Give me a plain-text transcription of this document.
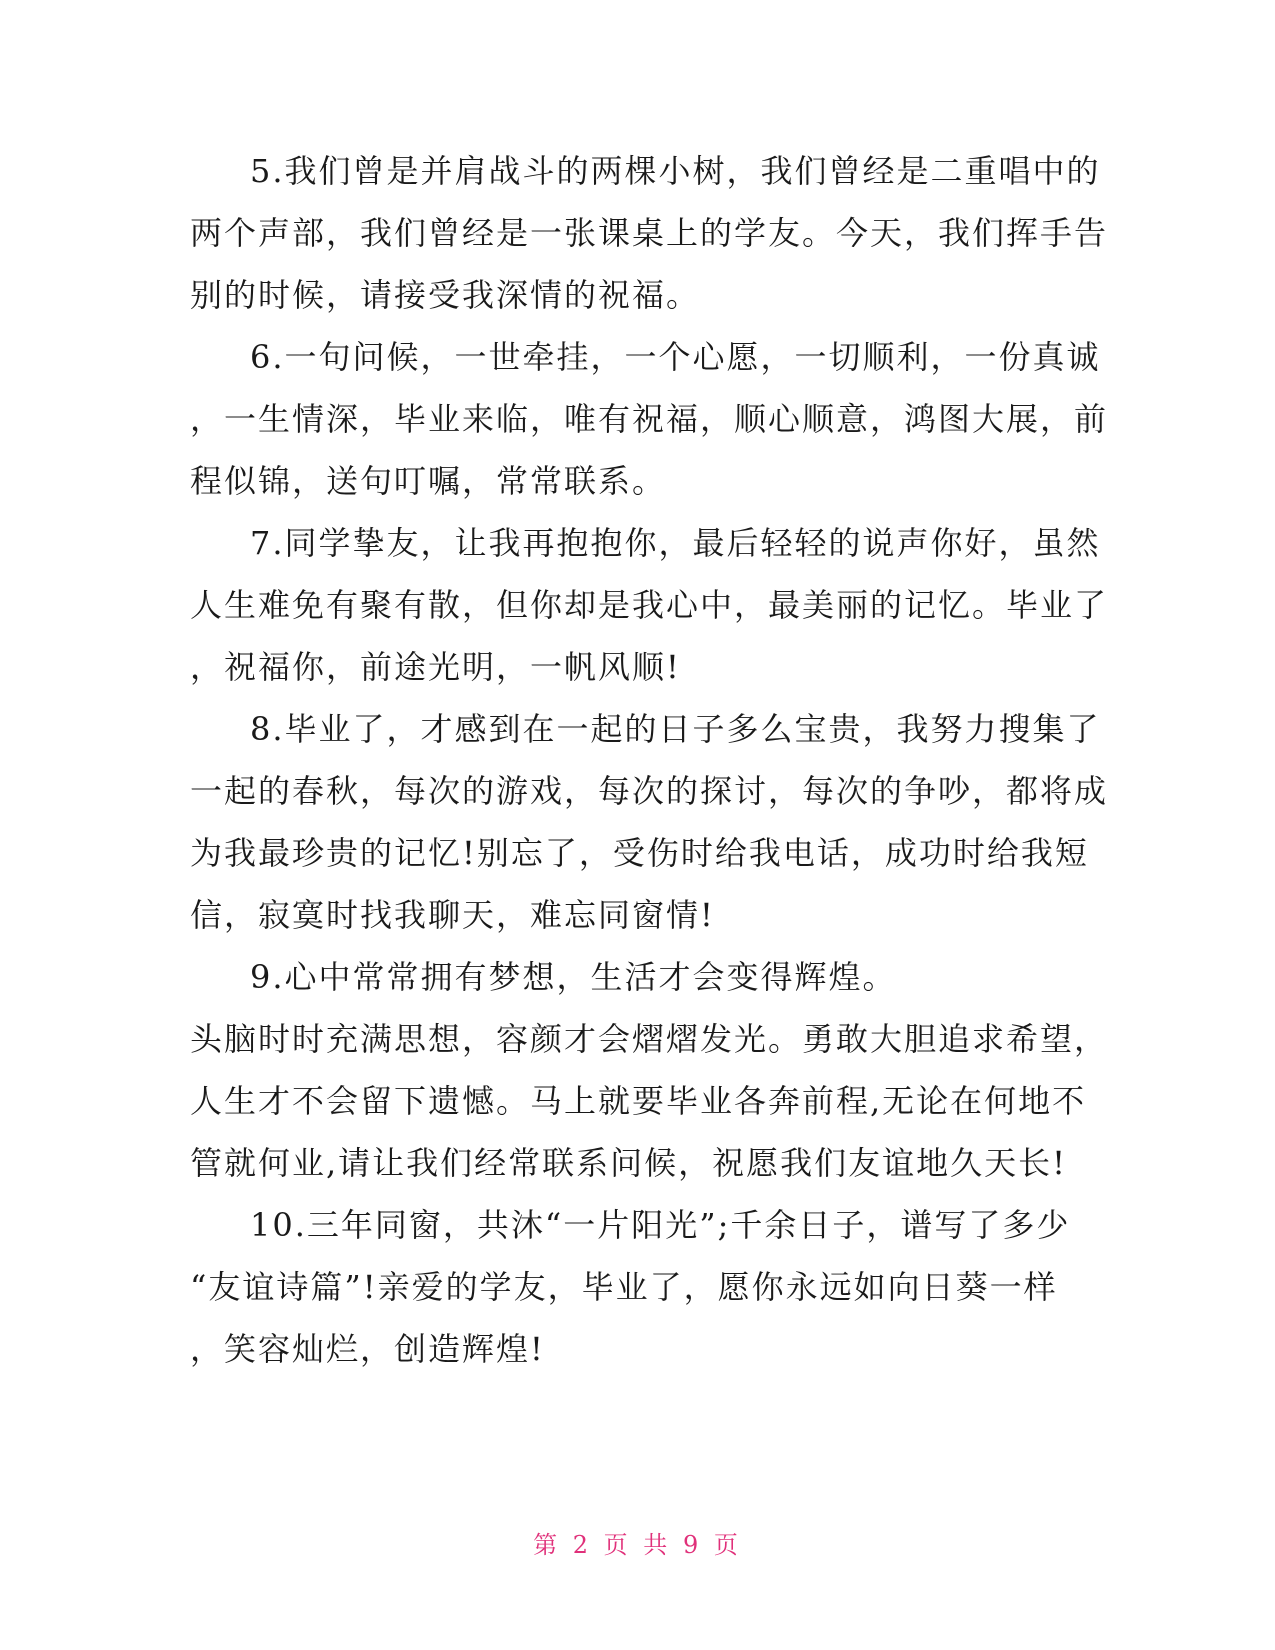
5.我们曾是并肩战斗的两棵小树，我们曾经是二重唱中的
两个声部，我们曾经是一张课桌上的学友。今天，我们挥手告
别的时候，请接受我深情的祝福。
6.一句问候，一世牵挂，一个心愿，一切顺利，一份真诚
，一生情深，毕业来临，唯有祝福，顺心顺意，鸿图大展，前
程似锦，送句叮嘱，常常联系。
7.同学挚友，让我再抱抱你，最后轻轻的说声你好，虽然
人生难免有聚有散，但你却是我心中，最美丽的记忆。毕业了
，祝福你，前途光明，一帆风顺!
8.毕业了，才感到在一起的日子多么宝贵，我努力搜集了
一起的春秋，每次的游戏，每次的探讨，每次的争吵，都将成
为我最珍贵的记忆!别忘了，受伤时给我电话，成功时给我短
信，寂寞时找我聊天，难忘同窗情!
9.心中常常拥有梦想，生活才会变得辉煌。
头脑时时充满思想，容颜才会熠熠发光。勇敢大胆追求希望，
人生才不会留下遗憾。马上就要毕业各奔前程,无论在何地不
管就何业,请让我们经常联系问候，祝愿我们友谊地久天长!
10.三年同窗，共沐“一片阳光”;千余日子，谱写了多少
“友谊诗篇”!亲爱的学友，毕业了，愿你永远如向日葵一样
，笑容灿烂，创造辉煌!
第 2 页 共 9 页
